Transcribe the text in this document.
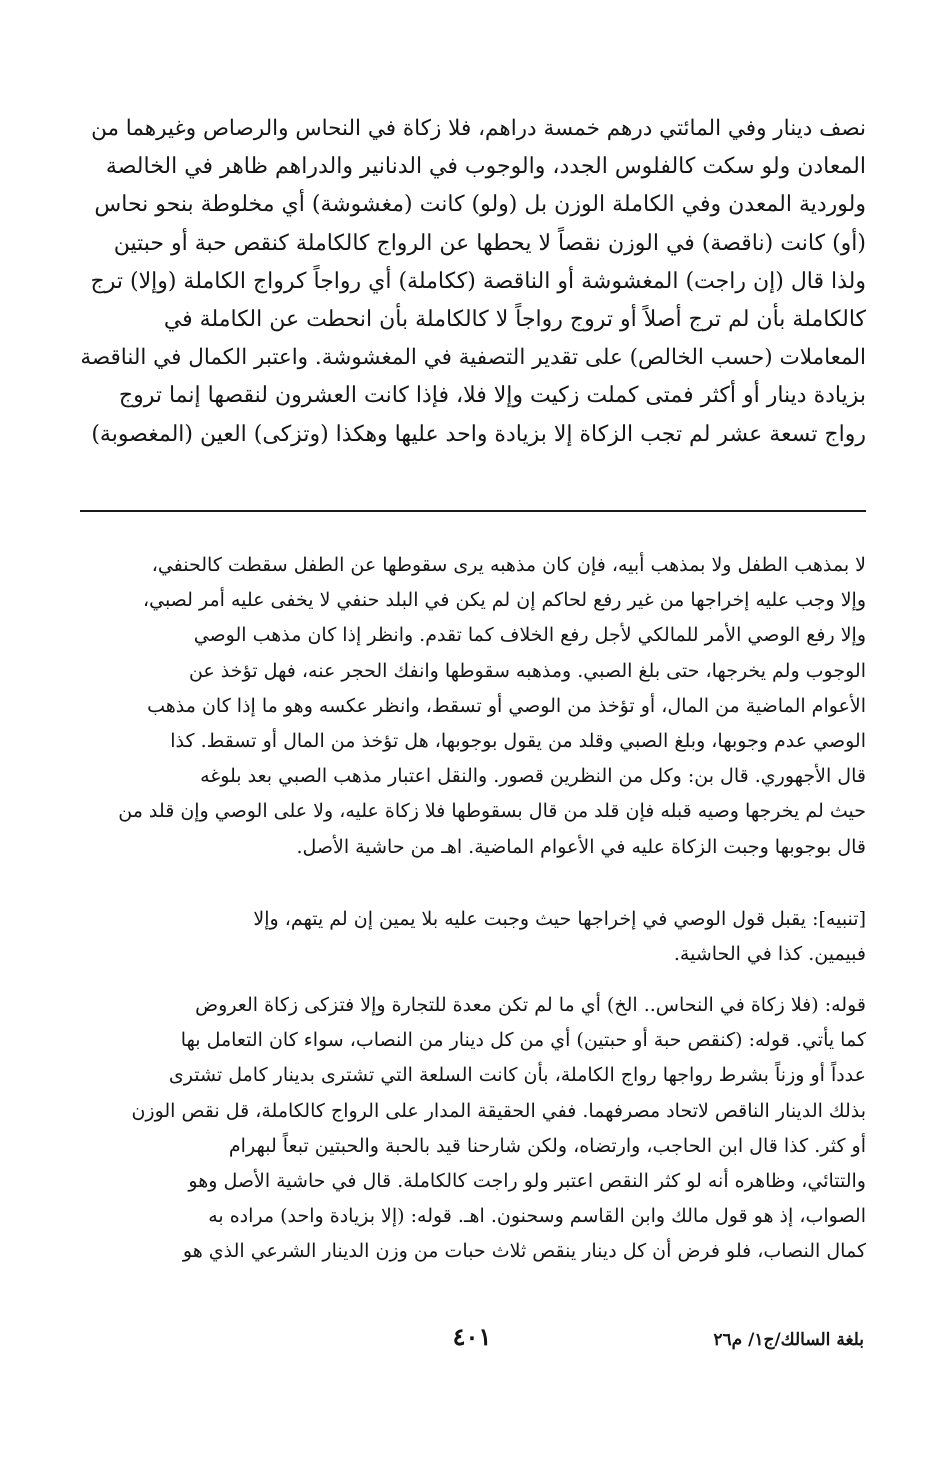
نصف دينار وفي المائتي درهم خمسة دراهم، فلا زكاة في النحاس والرصاص وغيرهما من
المعادن ولو سكت كالفلوس الجدد، والوجوب في الدنانير والدراهم ظاهر في الخالصة
ولوردية المعدن وفي الكاملة الوزن بل (ولو) كانت (مغشوشة) أي مخلوطة بنحو نحاس
(أو) كانت (ناقصة) في الوزن نقصاً لا يحطها عن الرواج كالكاملة كنقص حبة أو حبتين
ولذا قال (إن راجت) المغشوشة أو الناقصة (ككاملة) أي رواجاً كرواج الكاملة (وإلا) ترج
كالكاملة بأن لم ترج أصلاً أو تروج رواجاً لا كالكاملة بأن انحطت عن الكاملة في
المعاملات (حسب الخالص) على تقدير التصفية في المغشوشة. واعتبر الكمال في الناقصة
بزيادة دينار أو أكثر فمتى كملت زكيت وإلا فلا، فإذا كانت العشرون لنقصها إنما تروج
رواج تسعة عشر لم تجب الزكاة إلا بزيادة واحد عليها وهكذا (وتزكى) العين (المغصوبة)
لا بمذهب الطفل ولا بمذهب أبيه، فإن كان مذهبه يرى سقوطها عن الطفل سقطت كالحنفي،
وإلا وجب عليه إخراجها من غير رفع لحاكم إن لم يكن في البلد حنفي لا يخفى عليه أمر لصبي،
وإلا رفع الوصي الأمر للمالكي لأجل رفع الخلاف كما تقدم. وانظر إذا كان مذهب الوصي
الوجوب ولم يخرجها، حتى بلغ الصبي. ومذهبه سقوطها وانفك الحجر عنه، فهل تؤخذ عن
الأعوام الماضية من المال، أو تؤخذ من الوصي أو تسقط، وانظر عكسه وهو ما إذا كان مذهب
الوصي عدم وجوبها، وبلغ الصبي وقلد من يقول بوجوبها، هل تؤخذ من المال أو تسقط. كذا
قال الأجهوري. قال بن: وكل من النظرين قصور. والنقل اعتبار مذهب الصبي بعد بلوغه
حيث لم يخرجها وصيه قبله فإن قلد من قال بسقوطها فلا زكاة عليه، ولا على الوصي وإن قلد من
قال بوجوبها وجبت الزكاة عليه في الأعوام الماضية. اهـ من حاشية الأصل.
[تنبيه]: يقبل قول الوصي في إخراجها حيث وجبت عليه بلا يمين إن لم يتهم، وإلا
فبيمين. كذا في الحاشية.
قوله: (فلا زكاة في النحاس.. الخ) أي ما لم تكن معدة للتجارة وإلا فتزكى زكاة العروض
كما يأتي. قوله: (كنقص حبة أو حبتين) أي من كل دينار من النصاب، سواء كان التعامل بها
عدداً أو وزناً بشرط رواجها رواج الكاملة، بأن كانت السلعة التي تشترى بدينار كامل تشترى
بذلك الدينار الناقص لاتحاد مصرفهما. ففي الحقيقة المدار على الرواج كالكاملة، قل نقص الوزن
أو كثر. كذا قال ابن الحاجب، وارتضاه، ولكن شارحنا قيد بالحبة والحبتين تبعاً لبهرام
والتتائي، وظاهره أنه لو كثر النقص اعتبر ولو راجت كالكاملة. قال في حاشية الأصل وهو
الصواب، إذ هو قول مالك وابن القاسم وسحنون. اهـ. قوله: (إلا بزيادة واحد) مراده به
كمال النصاب، فلو فرض أن كل دينار ينقص ثلاث حبات من وزن الدينار الشرعي الذي هو
بلغة السالك/ج١/ م٢٦
٤٠١
